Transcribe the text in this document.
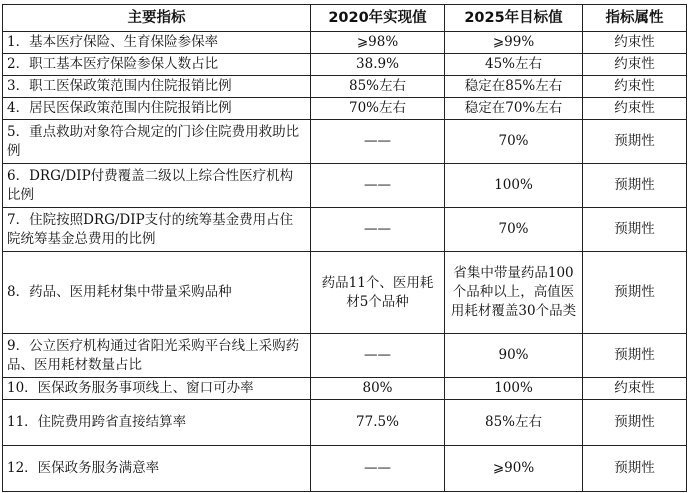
主要指标	2020年实现值	2025年目标值	指标属性
1．基本医疗保险、生育保险参保率	⩾98%	⩾99%	约束性
2．职工基本医疗保险参保人数占比	38.9%	45%左右	约束性
3．职工医保政策范围内住院报销比例	85%左右	稳定在85%左右	约束性
4．居民医保政策范围内住院报销比例	70%左右	稳定在70%左右	约束性
5．重点救助对象符合规定的门诊住院费用救助比例	——	70%	预期性
6．DRG/DIP付费覆盖二级以上综合性医疗机构比例	——	100%	预期性
7．住院按照DRG/DIP支付的统筹基金费用占住院统筹基金总费用的比例	——	70%	预期性
8．药品、医用耗材集中带量采购品种	药品11个、医用耗材5个品种	省集中带量药品100个品种以上，高值医用耗材覆盖30个品类	预期性
9．公立医疗机构通过省阳光采购平台线上采购药品、医用耗材数量占比	——	90%	预期性
10．医保政务服务事项线上、窗口可办率	80%	100%	约束性
11．住院费用跨省直接结算率	77.5%	85%左右	预期性
12．医保政务服务满意率	——	⩾90%	预期性
